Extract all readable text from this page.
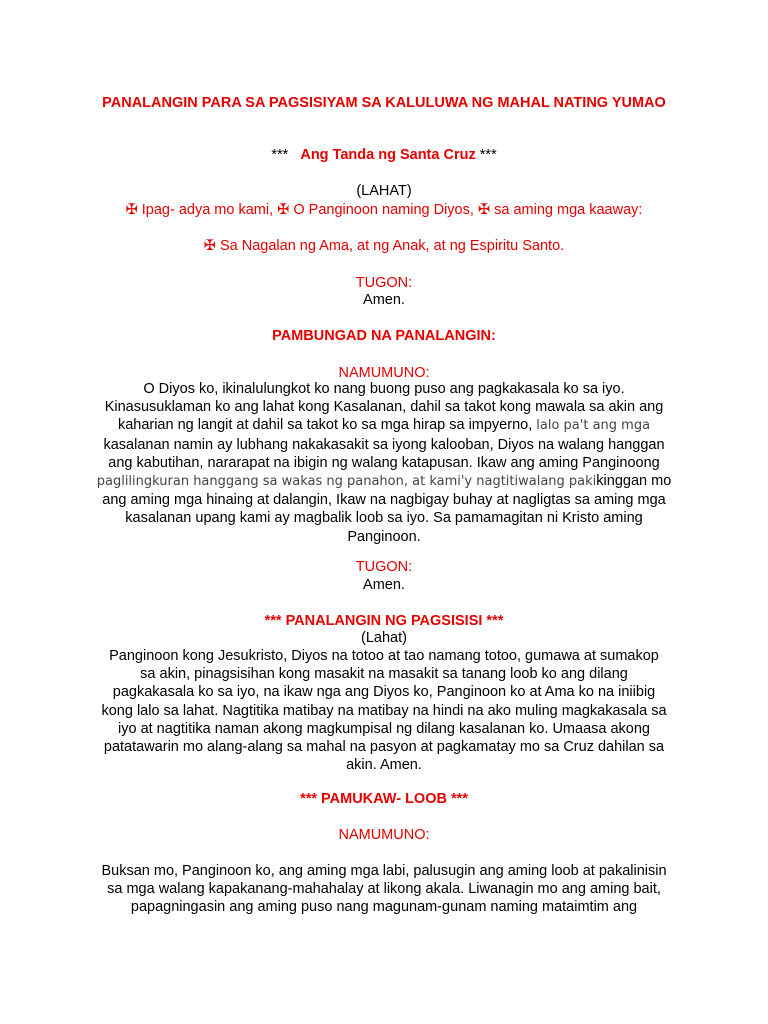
PANALANGIN PARA SA PAGSISIYAM SA KALULUWA NG MAHAL NATING YUMAO
*** Ang Tanda ng Santa Cruz ***
(LAHAT)
✠ Ipag- adya mo kami, ✠ O Panginoon naming Diyos, ✠ sa aming mga kaaway:
✠ Sa Nagalan ng Ama, at ng Anak, at ng Espiritu Santo.
TUGON:
Amen.
PAMBUNGAD NA PANALANGIN:
NAMUMUNO:
O Diyos ko, ikinalulungkot ko nang buong puso ang pagkakasala ko sa iyo.
Kinasusuklaman ko ang lahat kong Kasalanan, dahil sa takot kong mawala sa akin ang
kaharian ng langit at dahil sa takot ko sa mga hirap sa impyerno, lalo pa't ang mga
kasalanan namin ay lubhang nakakasakit sa iyong kalooban, Diyos na walang hanggan
ang kabutihan, nararapat na ibigin ng walang katapusan. Ikaw ang aming Panginoong
paglilingkuran hanggang sa wakas ng panahon, at kami'y nagtitiwalang pakikinggan mo
ang aming mga hinaing at dalangin, Ikaw na nagbigay buhay at nagligtas sa aming mga
kasalanan upang kami ay magbalik loob sa iyo. Sa pamamagitan ni Kristo aming
Panginoon.
TUGON:
Amen.
*** PANALANGIN NG PAGSISISI ***
(Lahat)
Panginoon kong Jesukristo, Diyos na totoo at tao namang totoo, gumawa at sumakop
sa akin, pinagsisihan kong masakit na masakit sa tanang loob ko ang dilang
pagkakasala ko sa iyo, na ikaw nga ang Diyos ko, Panginoon ko at Ama ko na iniibig
kong lalo sa lahat. Nagtitika matibay na matibay na hindi na ako muling magkakasala sa
iyo at nagtitika naman akong magkumpisal ng dilang kasalanan ko. Umaasa akong
patatawarin mo alang-alang sa mahal na pasyon at pagkamatay mo sa Cruz dahilan sa
akin. Amen.
*** PAMUKAW- LOOB ***
NAMUMUNO:
Buksan mo, Panginoon ko, ang aming mga labi, palusugin ang aming loob at pakalinisin
sa mga walang kapakanang-mahahalay at likong akala. Liwanagin mo ang aming bait,
papagningasin ang aming puso nang magunam-gunam naming mataimtim ang
